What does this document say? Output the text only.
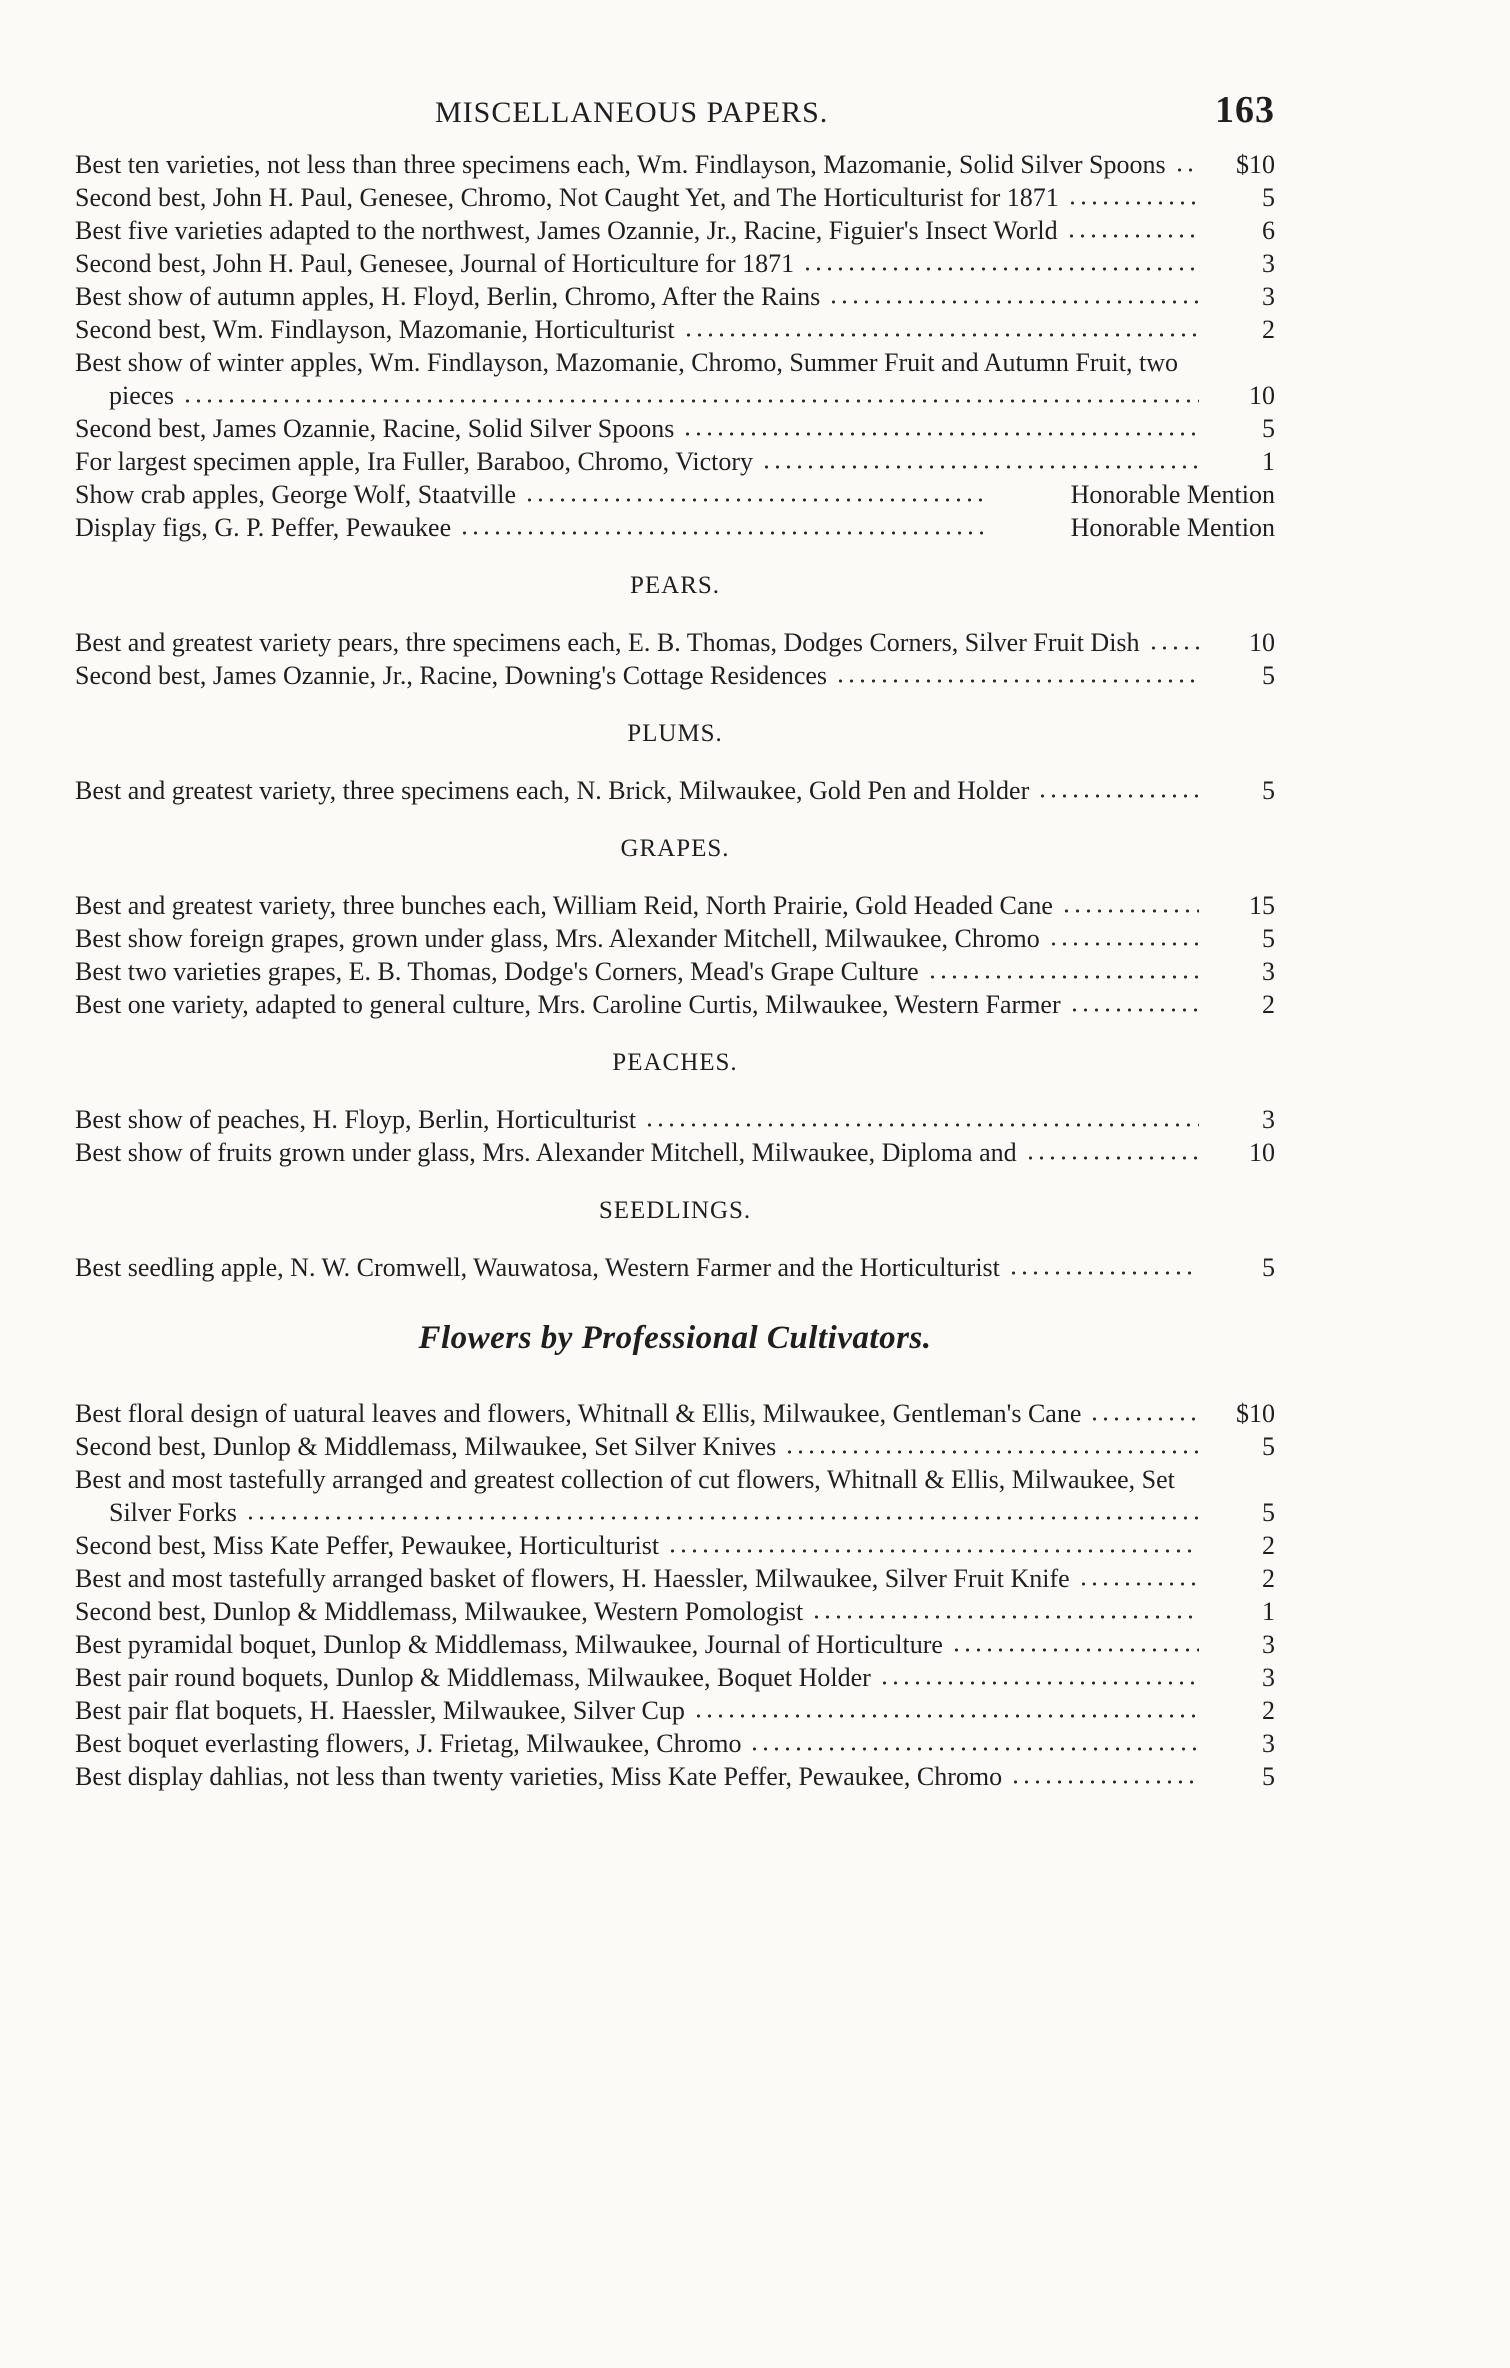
MISCELLANEOUS PAPERS.	163
Best ten varieties, not less than three specimens each, Wm. Findlayson, Mazomanie, Solid Silver Spoons	$10
Second best, John H. Paul, Genesee, Chromo, Not Caught Yet, and The Horticulturist for 1871	5
Best five varieties adapted to the northwest, James Ozannie, Jr., Racine, Figuier's Insect World	6
Second best, John H. Paul, Genesee, Journal of Horticulture for 1871	3
Best show of autumn apples, H. Floyd, Berlin, Chromo, After the Rains	3
Second best, Wm. Findlayson, Mazomanie, Horticulturist	2
Best show of winter apples, Wm. Findlayson, Mazomanie, Chromo, Summer Fruit and Autumn Fruit, two pieces	10
Second best, James Ozannie, Racine, Solid Silver Spoons	5
For largest specimen apple, Ira Fuller, Baraboo, Chromo, Victory	1
Show crab apples, George Wolf, Staatville	Honorable Mention
Display figs, G. P. Peffer, Pewaukee	Honorable Mention
PEARS.
Best and greatest variety pears, thre specimens each, E. B. Thomas, Dodges Corners, Silver Fruit Dish	10
Second best, James Ozannie, Jr., Racine, Downing's Cottage Residences	5
PLUMS.
Best and greatest variety, three specimens each, N. Brick, Milwaukee, Gold Pen and Holder	5
GRAPES.
Best and greatest variety, three bunches each, William Reid, North Prairie, Gold Headed Cane	15
Best show foreign grapes, grown under glass, Mrs. Alexander Mitchell, Milwaukee, Chromo	5
Best two varieties grapes, E. B. Thomas, Dodge's Corners, Mead's Grape Culture	3
Best one variety, adapted to general culture, Mrs. Caroline Curtis, Milwaukee, Western Farmer	2
PEACHES.
Best show of peaches, H. Floyp, Berlin, Horticulturist	3
Best show of fruits grown under glass, Mrs. Alexander Mitchell, Milwaukee, Diploma and	10
SEEDLINGS.
Best seedling apple, N. W. Cromwell, Wauwatosa, Western Farmer and the Horticulturist	5
Flowers by Professional Cultivators.
Best floral design of uatural leaves and flowers, Whitnall & Ellis, Milwaukee, Gentleman's Cane	$10
Second best, Dunlop & Middlemass, Milwaukee, Set Silver Knives	5
Best and most tastefully arranged and greatest collection of cut flowers, Whitnall & Ellis, Milwaukee, Set Silver Forks	5
Second best, Miss Kate Peffer, Pewaukee, Horticulturist	2
Best and most tastefully arranged basket of flowers, H. Haessler, Milwaukee, Silver Fruit Knife	2
Second best, Dunlop & Middlemass, Milwaukee, Western Pomologist	1
Best pyramidal boquet, Dunlop & Middlemass, Milwaukee, Journal of Horticulture	3
Best pair round boquets, Dunlop & Middlemass, Milwaukee, Boquet Holder	3
Best pair flat boquets, H. Haessler, Milwaukee, Silver Cup	2
Best boquet everlasting flowers, J. Frietag, Milwaukee, Chromo	3
Best display dahlias, not less than twenty varieties, Miss Kate Peffer, Pewaukee, Chromo	5
